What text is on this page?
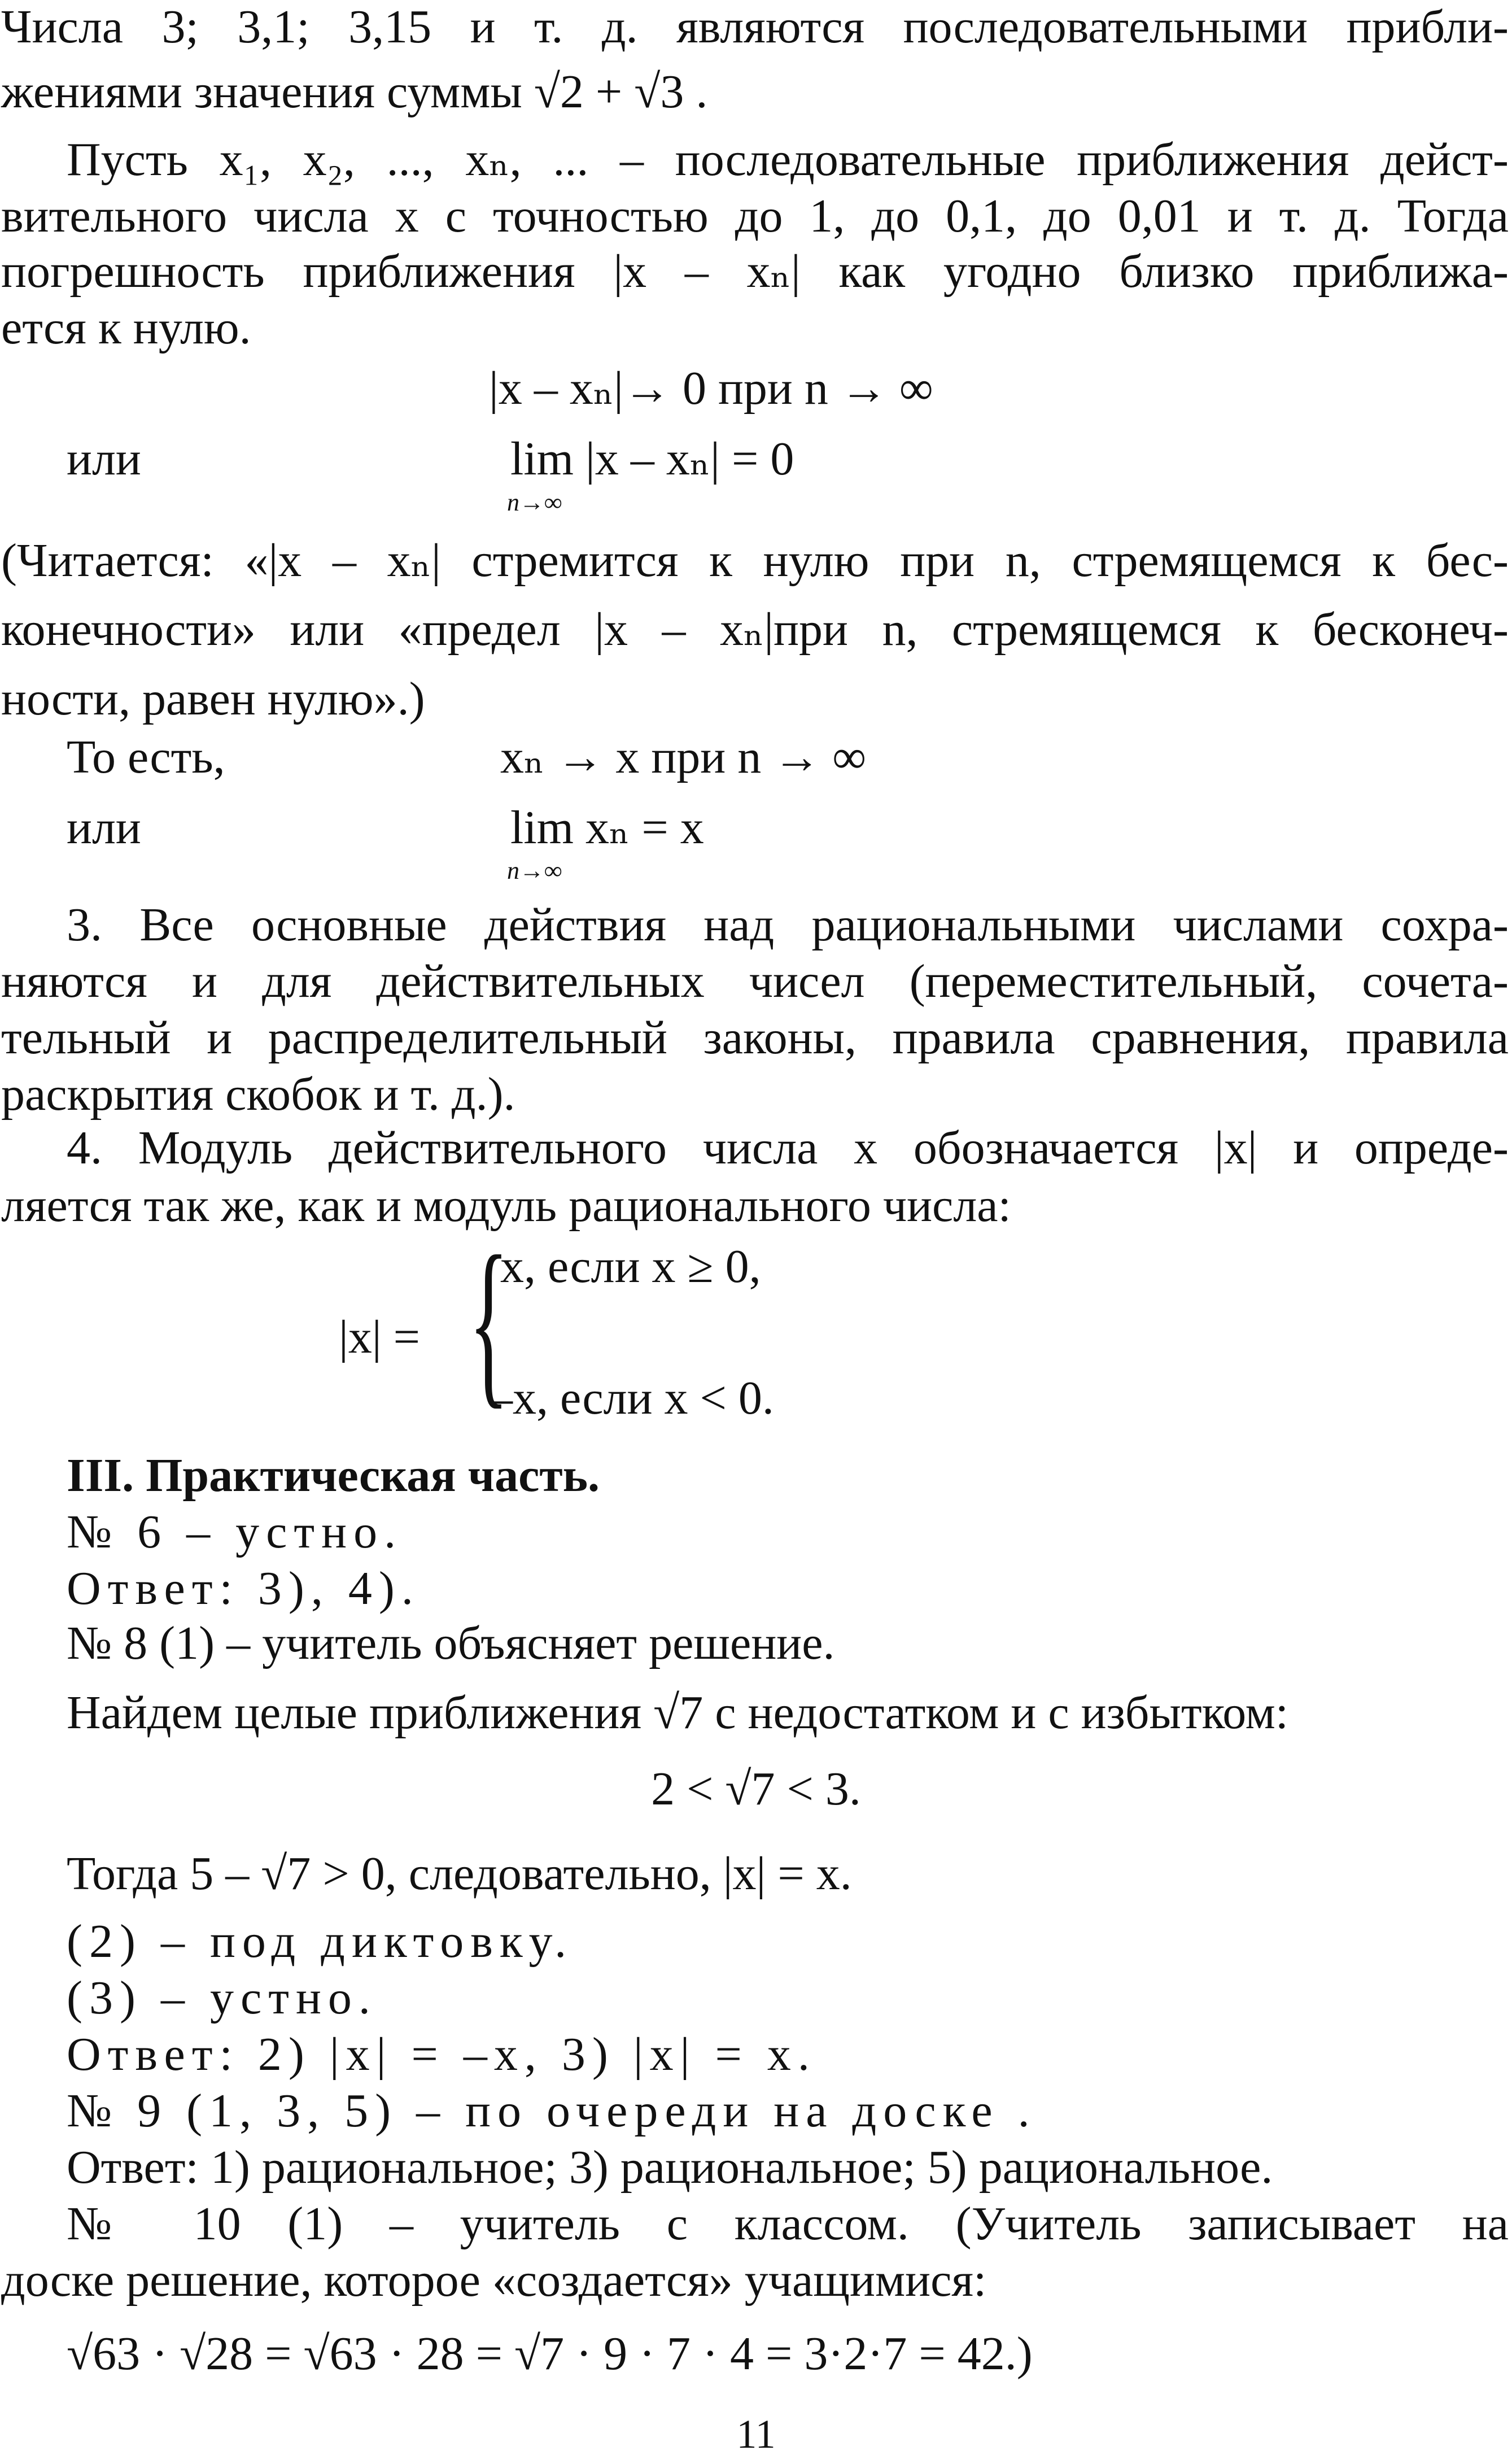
Числа 3; 3,1; 3,15 и т. д. являются последовательными прибли-
жениями значения суммы √2 + √3 .
Пусть x₁, x₂, ..., xₙ, ... – последовательные приближения дейст-
вительного числа x с точностью до 1, до 0,1, до 0,01 и т. д. Тогда
погрешность приближения |x – xₙ| как угодно близко приближа-
ется к нулю.
|x – xₙ|→ 0 при n → ∞
или	lim |x – xₙ| = 0
n→∞
(Читается: «|x – xₙ| стремится к нулю при n, стремящемся к бес-
конечности» или «предел |x – xₙ|при n, стремящемся к бесконеч-
ности, равен нулю».)
То есть,	xₙ → x при n → ∞
или	lim xₙ = x
n→∞
3. Все основные действия над рациональными числами сохра-
няются и для действительных чисел (переместительный, сочета-
тельный и распределительный законы, правила сравнения, правила
раскрытия скобок и т. д.).
4. Модуль действительного числа x обозначается |x| и опреде-
ляется так же, как и модуль рационального числа:
|x| = {
x, если x ≥ 0,
–x, если x < 0.
III. Практическая часть.
№ 6 – устно.
Ответ: 3), 4).
№ 8 (1) – учитель объясняет решение.
Найдем целые приближения √7 с недостатком и с избытком:
2 < √7 < 3.
Тогда 5 – √7 > 0, следовательно, |x| = x.
(2) – под диктовку.
(3) – устно.
Ответ: 2) |x| = –x, 3) |x| = x.
№ 9 (1, 3, 5) – по очереди на доске .
Ответ: 1) рациональное; 3) рациональное; 5) рациональное.
№ 10 (1) – учитель с классом. (Учитель записывает на
доске решение, которое «создается» учащимися:
√63 · √28 = √63 · 28 = √7 · 9 · 7 · 4 = 3·2·7 = 42.)
11
